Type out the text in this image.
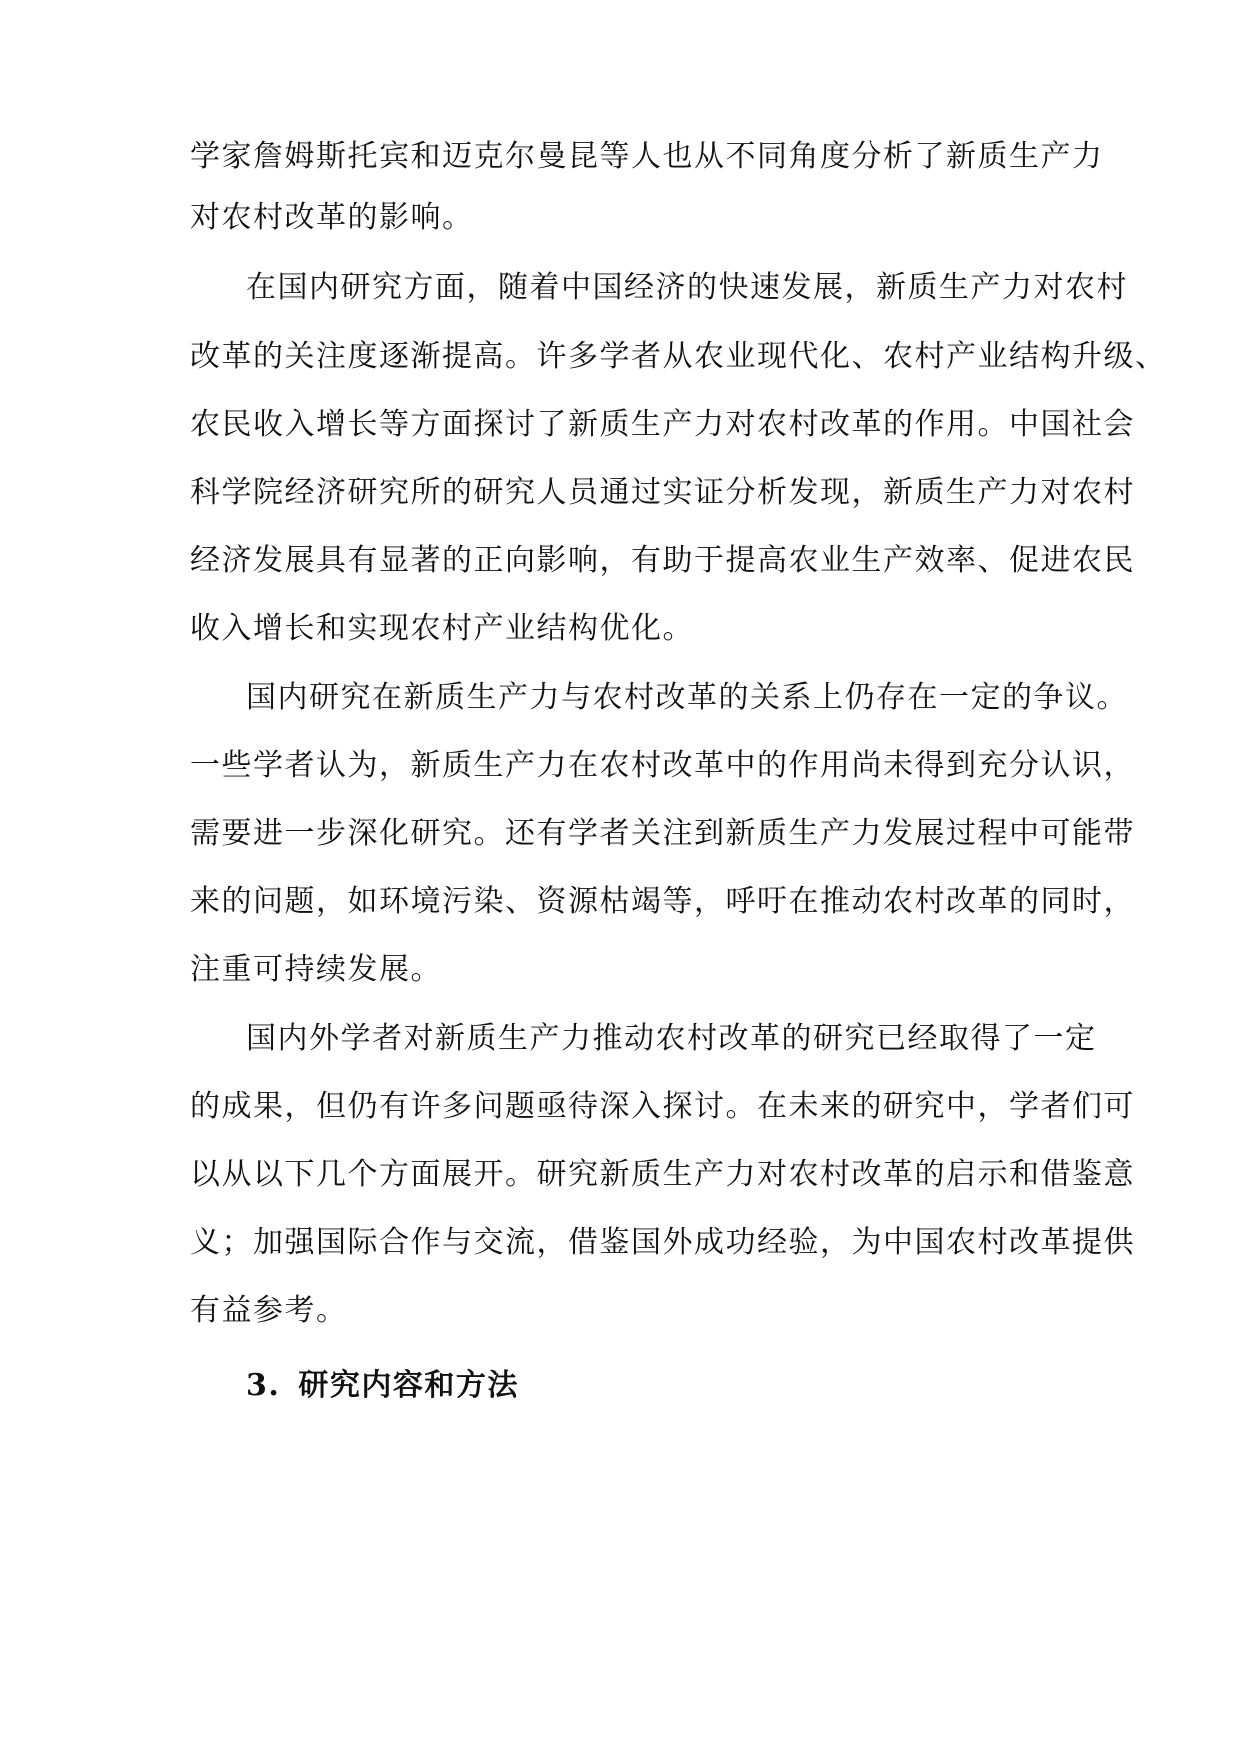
学家詹姆斯托宾和迈克尔曼昆等人也从不同角度分析了新质生产力
对农村改革的影响。
在国内研究方面，随着中国经济的快速发展，新质生产力对农村
改革的关注度逐渐提高。许多学者从农业现代化、农村产业结构升级、
农民收入增长等方面探讨了新质生产力对农村改革的作用。中国社会
科学院经济研究所的研究人员通过实证分析发现，新质生产力对农村
经济发展具有显著的正向影响，有助于提高农业生产效率、促进农民
收入增长和实现农村产业结构优化。
国内研究在新质生产力与农村改革的关系上仍存在一定的争议。
一些学者认为，新质生产力在农村改革中的作用尚未得到充分认识，
需要进一步深化研究。还有学者关注到新质生产力发展过程中可能带
来的问题，如环境污染、资源枯竭等，呼吁在推动农村改革的同时，
注重可持续发展。
国内外学者对新质生产力推动农村改革的研究已经取得了一定
的成果，但仍有许多问题亟待深入探讨。在未来的研究中，学者们可
以从以下几个方面展开。研究新质生产力对农村改革的启示和借鉴意
义；加强国际合作与交流，借鉴国外成功经验，为中国农村改革提供
有益参考。
3. 研究内容和方法
